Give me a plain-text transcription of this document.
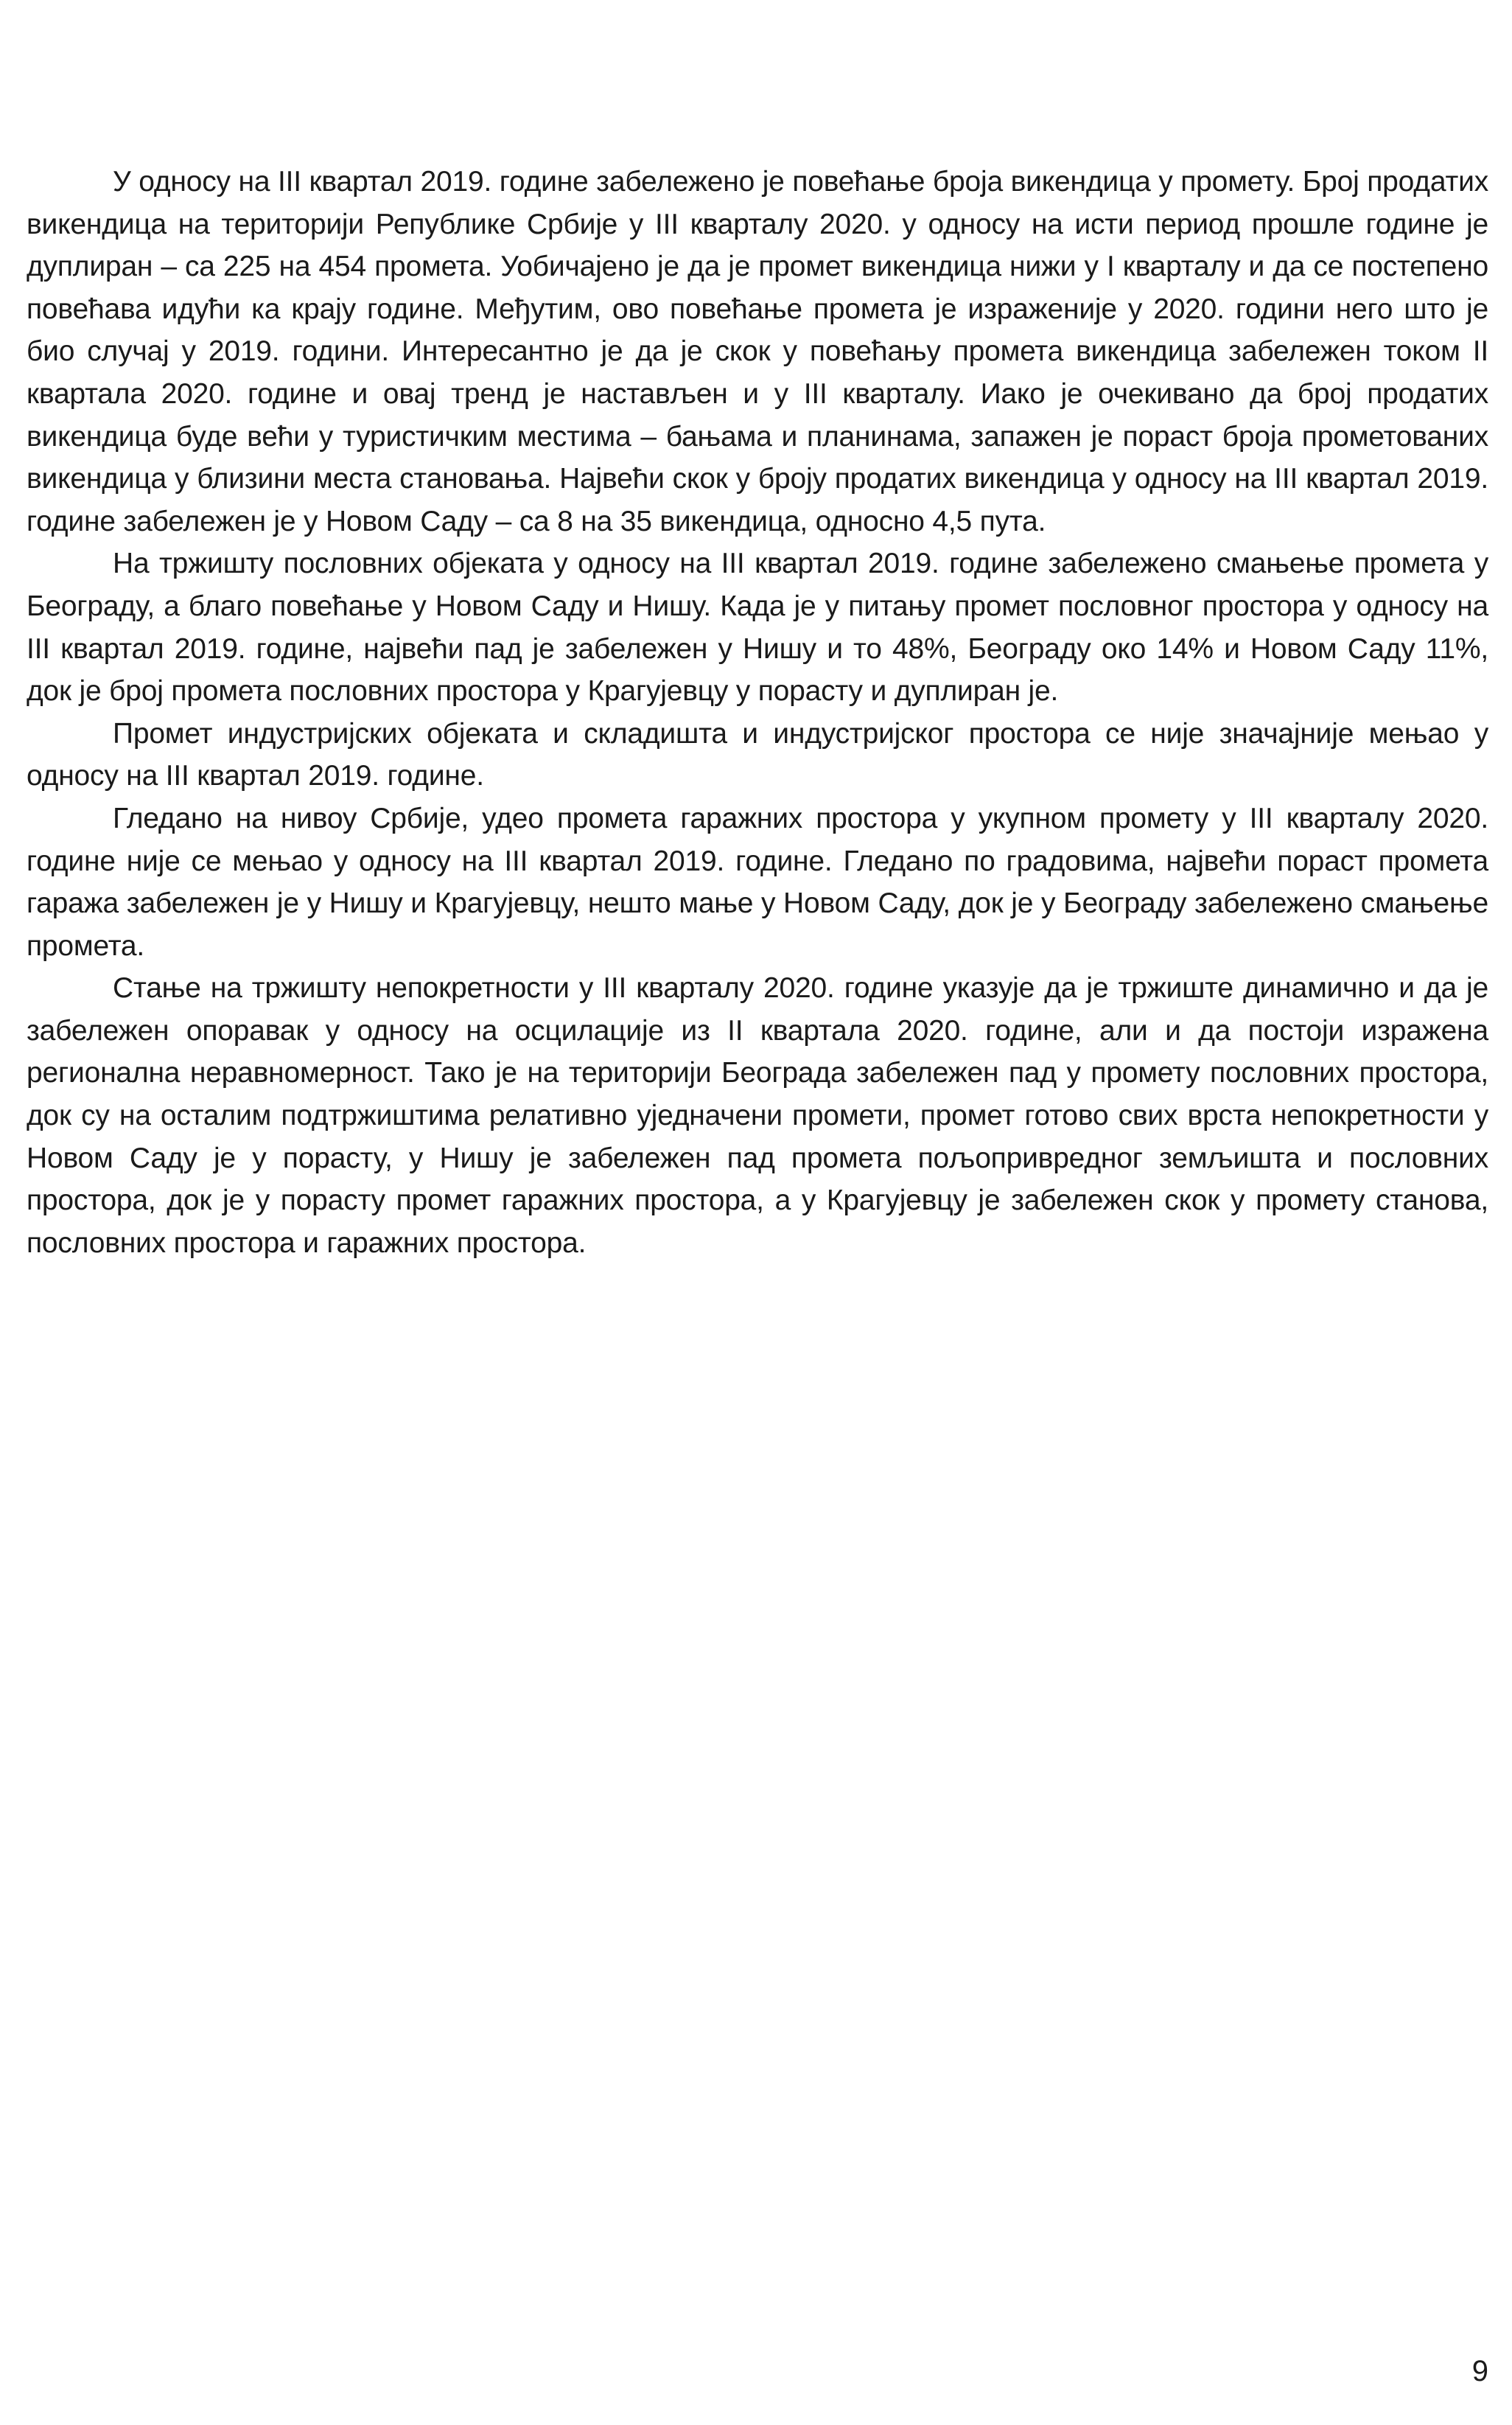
У односу на III квартал 2019. године забележено је повећање броја викендица у промету. Број продатих викендица на територији Републике Србије у III кварталу 2020. у односу на исти период прошле године је дуплиран – са 225 на 454 промета. Уобичајено је да је промет викендица нижи у I кварталу и да се постепено повећава идући ка крају године. Међутим, ово повећање промета је израженије у 2020. години него што је био случај у 2019. години. Интересантно је да је скок у повећању промета викендица забележен током II квартала 2020. године и овај тренд је настављен и у III кварталу. Иако је очекивано да број продатих викендица буде већи у туристичким местима – бањама и планинама, запажен је пораст броја прометованих викендица у близини места становања. Највећи скок у броју продатих викендица у односу на III квартал 2019. године забележен је у Новом Саду – са 8 на 35 викендица, односно 4,5 пута.

На тржишту пословних објеката у односу на III квартал 2019. године забележено смањење промета у Београду, а благо повећање у Новом Саду и Нишу. Када је у питању промет пословног простора у односу на III квартал 2019. године, највећи пад је забележен у Нишу и то 48%, Београду око 14% и Новом Саду 11%, док је број промета пословних простора у Крагујевцу у порасту и дуплиран је.

Промет индустријских објеката и складишта и индустријског простора се није значајније мењао у односу на III квартал 2019. године.

Гледано на нивоу Србије, удео промета гаражних простора у укупном промету у III кварталу 2020. године није се мењао у односу на III квартал 2019. године. Гледано по градовима, највећи пораст промета гаража забележен је у Нишу и Крагујевцу, нешто мање у Новом Саду, док је у Београду забележено смањење промета.

Стање на тржишту непокретности у III кварталу 2020. године указује да је тржиште динамично и да је забележен опоравак у односу на осцилације из II квартала 2020. године, али и да постоји изражена регионална неравномерност. Тако је на територији Београда забележен пад у промету пословних простора, док су на осталим подтржиштима релативно уједначени промети, промет готово свих врста непокретности у Новом Саду је у порасту, у Нишу је забележен пад промета пољопривредног земљишта и пословних простора, док је у порасту промет гаражних простора, а у Крагујевцу је забележен скок у промету станова, пословних простора и гаражних простора.

9
